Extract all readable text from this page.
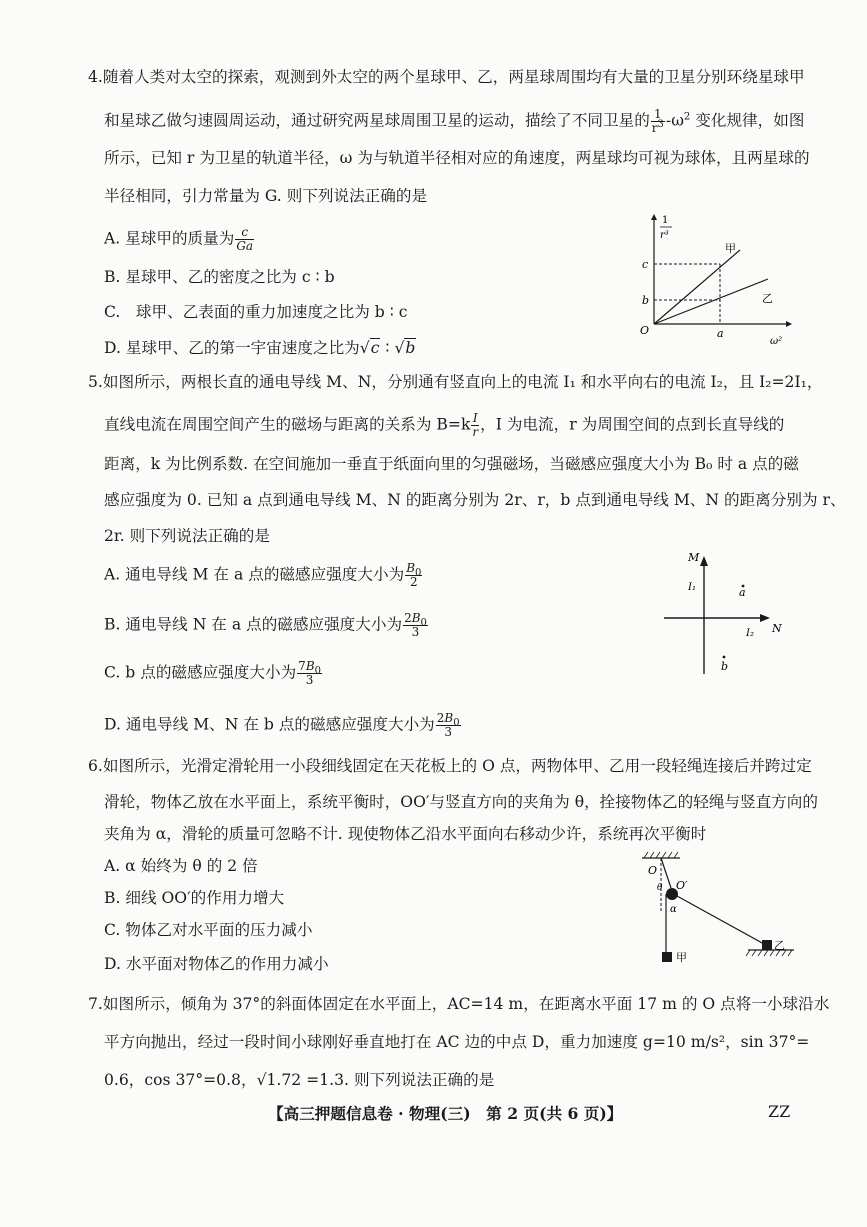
4.随着人类对太空的探索，观测到外太空的两个星球甲、乙，两星球周围均有大量的卫星分别环绕星球甲
和星球乙做匀速圆周运动，通过研究两星球周围卫星的运动，描绘了不同卫星的 $\frac{1}{r^3} -\omega^2$ 变化规律，如图
所示，已知 r 为卫星的轨道半径，ω 为与轨道半径相对应的角速度，两星球均可视为球体，且两星球的
半径相同，引力常量为 G. 则下列说法正确的是
A. 星球甲的质量为 $\frac{c}{Ga}$
B. 星球甲、乙的密度之比为 c ∶ b
C.　球甲、乙表面的重力加速度之比为 b ∶ c
D. 星球甲、乙的第一宇宙速度之比为√c ∶ √b
1
r³
ω²
O
c
b
a
甲
乙
5.如图所示，两根长直的通电导线 M、N，分别通有竖直向上的电流 I₁ 和水平向右的电流 I₂，且 I₂=2I₁，
直线电流在周围空间产生的磁场与距离的关系为 $B=k \frac{I}{r}$ ，I 为电流，r 为周围空间的点到长直导线的
距离，k 为比例系数. 在空间施加一垂直于纸面向里的匀强磁场，当磁感应强度大小为 B₀ 时 a 点的磁
感应强度为 0. 已知 a 点到通电导线 M、N 的距离分别为 2r、r，b 点到通电导线 M、N 的距离分别为 r、
2r. 则下列说法正确的是
A. 通电导线 M 在 a 点的磁感应强度大小为 $\frac{B_0}{2}$
B. 通电导线 N 在 a 点的磁感应强度大小为 $\frac{2B_0}{3}$
C. b 点的磁感应强度大小为 $\frac{7B_0}{3}$
D. 通电导线 M、N 在 b 点的磁感应强度大小为 $\frac{2B_0}{3}$
M
I₁
I₂ N
a
b
6.如图所示，光滑定滑轮用一小段细线固定在天花板上的 O 点，两物体甲、乙用一段轻绳连接后并跨过定
滑轮，物体乙放在水平面上，系统平衡时，OO′与竖直方向的夹角为 θ，拴接物体乙的轻绳与竖直方向的
夹角为 α，滑轮的质量可忽略不计. 现使物体乙沿水平面向右移动少许，系统再次平衡时
A. α 始终为 θ 的 2 倍
B. 细线 OO′的作用力增大
C. 物体乙对水平面的压力减小
D. 水平面对物体乙的作用力减小
O
O′
θ
α
甲
乙
7.如图所示，倾角为 37°的斜面体固定在水平面上，AC=14 m，在距离水平面 17 m 的 O 点将一小球沿水
平方向抛出，经过一段时间小球刚好垂直地打在 AC 边的中点 D，重力加速度 g=10 m/s²，sin 37°=
0.6，cos 37°=0.8，√1.72 =1.3. 则下列说法正确的是
【高三押题信息卷 · 物理(三)　第 2 页(共 6 页)】	ZZ
